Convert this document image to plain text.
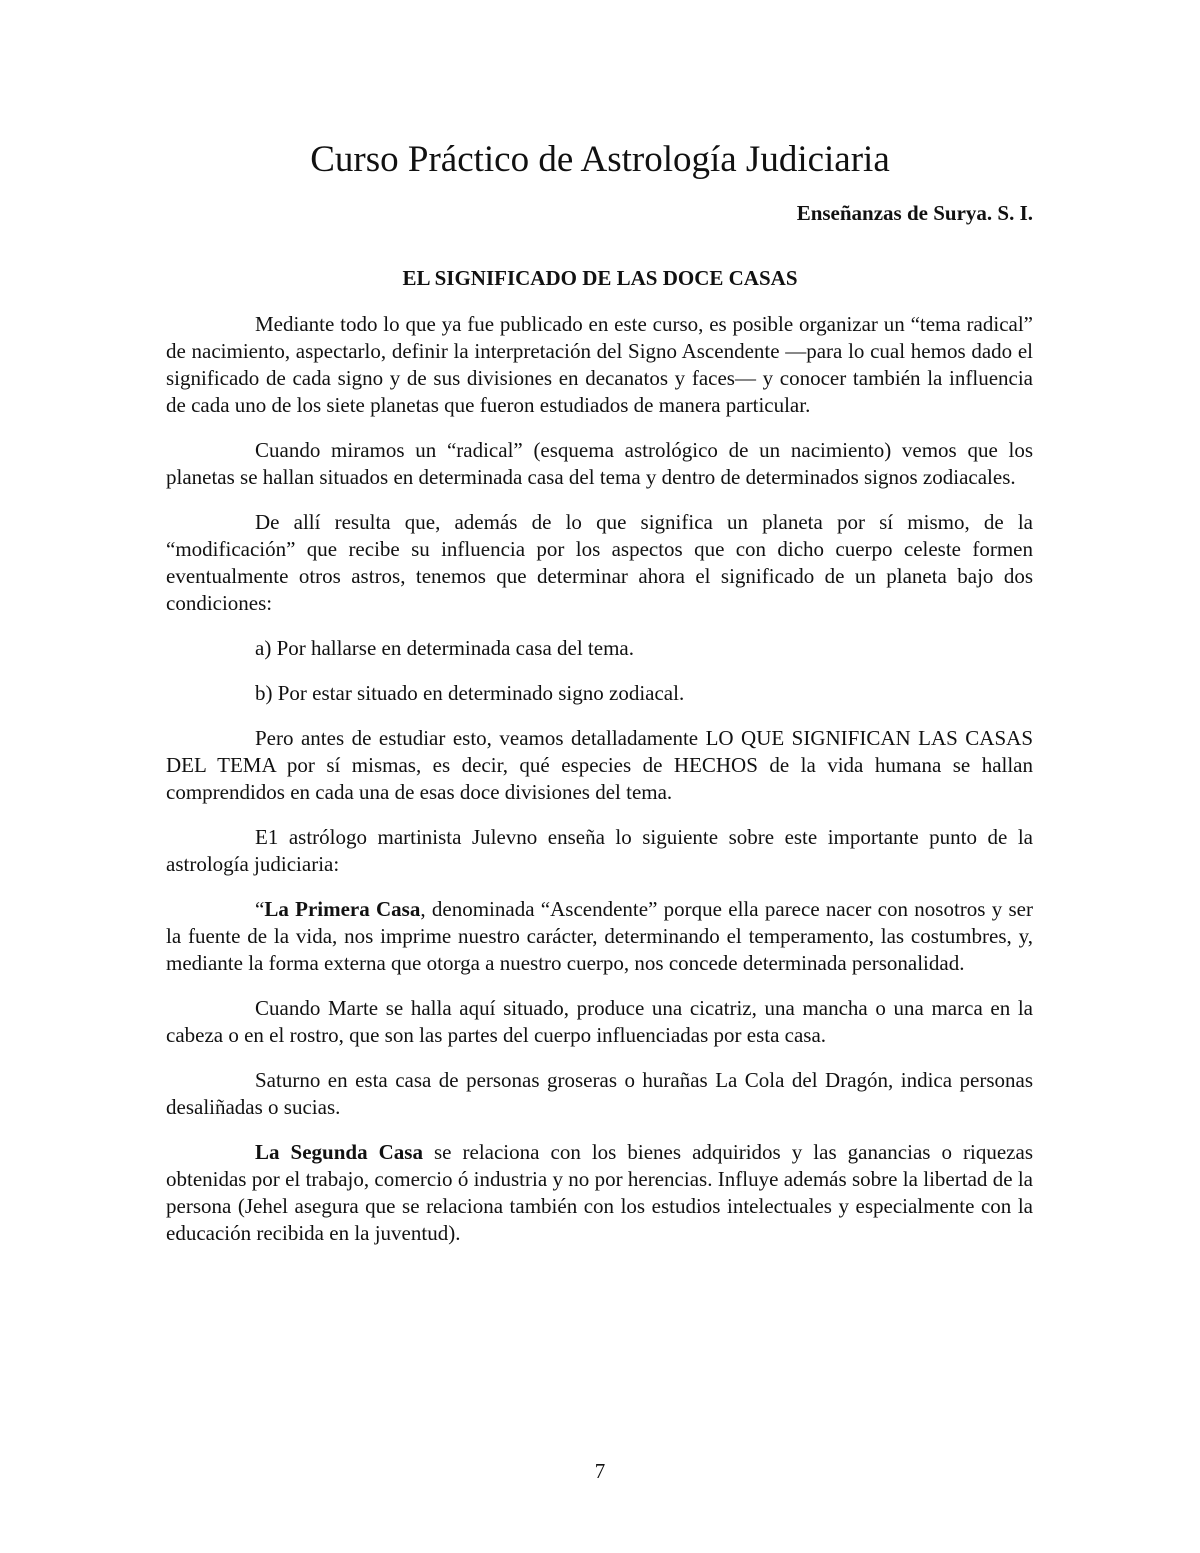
Curso Práctico de Astrología Judiciaria
Enseñanzas de Surya. S. I.
EL SIGNIFICADO DE LAS DOCE CASAS

Mediante todo lo que ya fue publicado en este curso, es posible organizar un “tema radical” de nacimiento, aspectarlo, definir la interpretación del Signo Ascendente —para lo cual hemos dado el significado de cada signo y de sus divisiones en decanatos y faces— y conocer también la influencia de cada uno de los siete planetas que fueron estudiados de manera particular.

Cuando miramos un “radical” (esquema astrológico de un nacimiento) vemos que los planetas se hallan situados en determinada casa del tema y dentro de determinados signos zodiacales.

De allí resulta que, además de lo que significa un planeta por sí mismo, de la “modificación” que recibe su influencia por los aspectos que con dicho cuerpo celeste formen eventualmente otros astros, tenemos que determinar ahora el significado de un planeta bajo dos condiciones:

a) Por hallarse en determinada casa del tema.

b) Por estar situado en determinado signo zodiacal.

Pero antes de estudiar esto, veamos detalladamente LO QUE SIGNIFICAN LAS CASAS DEL TEMA por sí mismas, es decir, qué especies de HECHOS de la vida humana se hallan comprendidos en cada una de esas doce divisiones del tema.

E1 astrólogo martinista Julevno enseña lo siguiente sobre este importante punto de la astrología judiciaria:

“La Primera Casa, denominada “Ascendente” porque ella parece nacer con nosotros y ser la fuente de la vida, nos imprime nuestro carácter, determinando el temperamento, las costumbres, y, mediante la forma externa que otorga a nuestro cuerpo, nos concede determinada personalidad.

Cuando Marte se halla aquí situado, produce una cicatriz, una mancha o una marca en la cabeza o en el rostro, que son las partes del cuerpo influenciadas por esta casa.

Saturno en esta casa de personas groseras o hurañas La Cola del Dragón, indica personas desaliñadas o sucias.

La Segunda Casa se relaciona con los bienes adquiridos y las ganancias o riquezas obtenidas por el trabajo, comercio ó industria y no por herencias. Influye además sobre la libertad de la persona (Jehel asegura que se relaciona también con los estudios intelectuales y especialmente con la educación recibida en la juventud).

7
